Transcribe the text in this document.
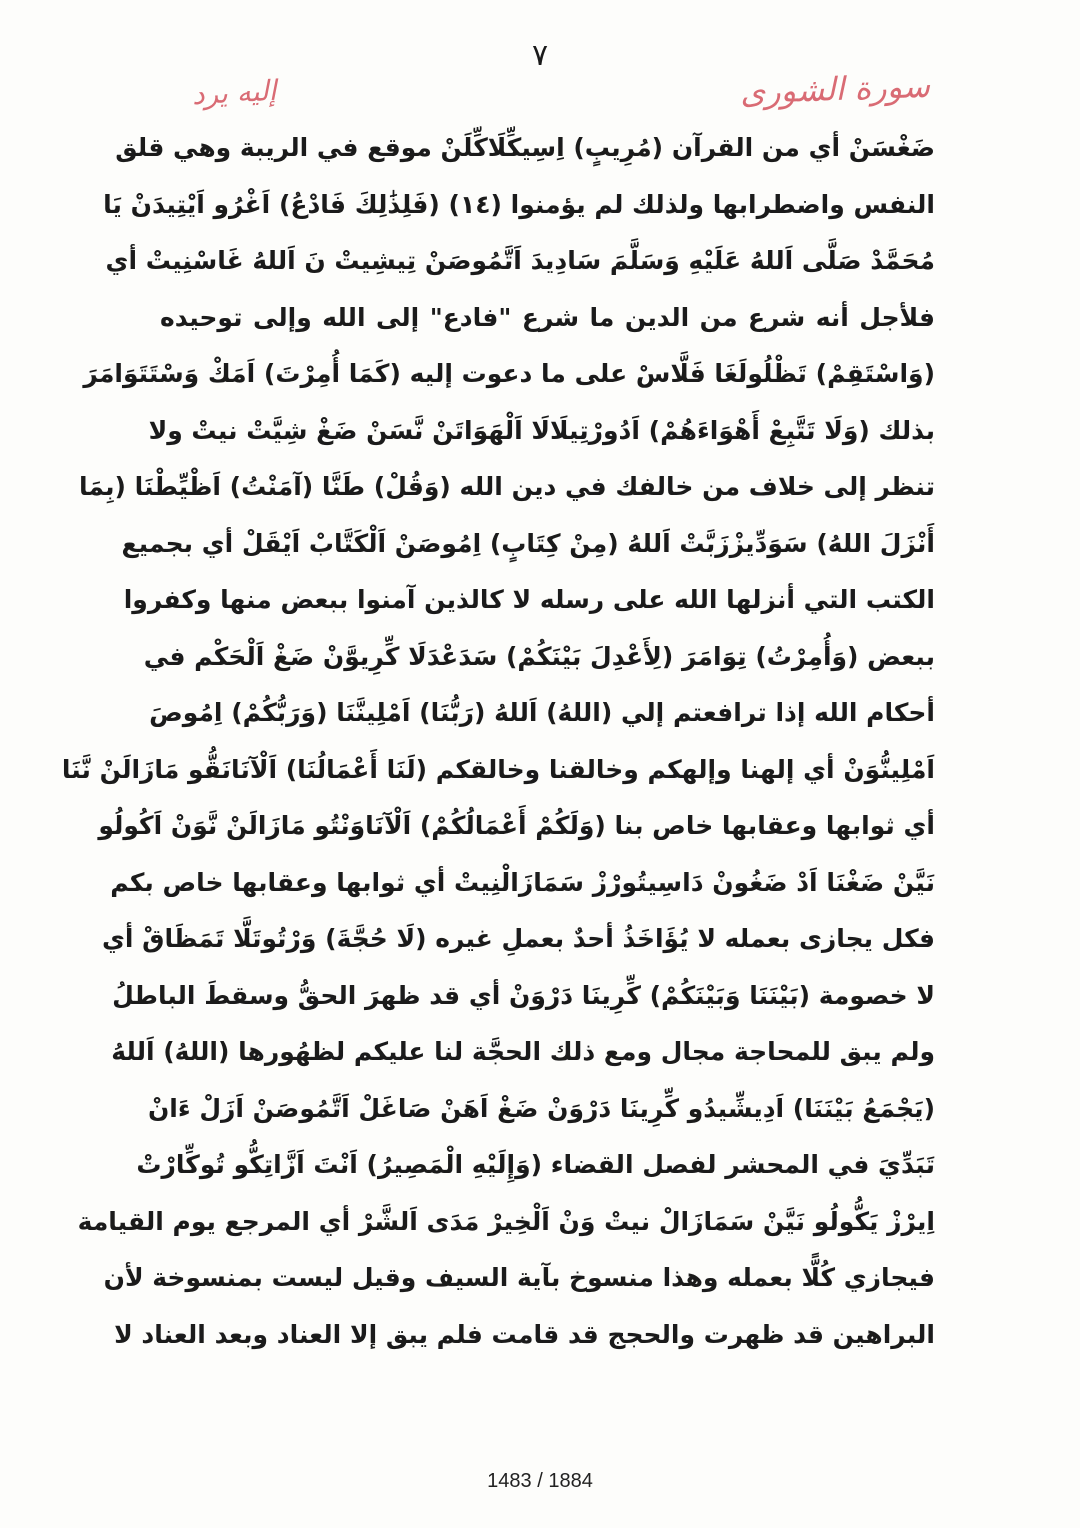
٧
سورة الشورى
إليه يرد
ضَغْسَنْ أي من القرآن (مُرِيبٍ) اِسِيكِّلَاكِّلَنْ موقع في الريبة وهي قلق
النفس واضطرابها ولذلك لم يؤمنوا (١٤) (فَلِذَٰلِكَ فَادْعُ) اَغْرُو اَيْتِيدَنْ يَا
مُحَمَّدْ صَلَّى اَللهُ عَلَيْهِ وَسَلَّمَ سَادِيدَ اَتَّمُوصَنْ تِيشِيتْ نَ اَللهُ غَاسْنِيتْ أي
فلأجل أنه شرع من الدين ما شرع "فادع" إلى الله وإلى توحيده
(وَاسْتَقِمْ) تَظْلُولَغَا فَلَّاسْ على ما دعوت إليه (كَمَا أُمِرْتَ) اَمَكْ وَسْتَتَوَامَرَ
بذلك (وَلَا تَتَّبِعْ أَهْوَاءَهُمْ) اَدُورْتِيلَالَا اَلْهَوَاتَنْ نَّسَنْ ضَغْ شِيَّتْ نيتْ ولا
تنظر إلى خلاف من خالفك في دين الله (وَقُلْ) طَنَّا (آمَنْتُ) اَظْيِّطْنَا (بِمَا
أَنْزَلَ اللهُ) سَوَدِّيزْزَبَّتْ اَللهُ (مِنْ كِتَابٍ) اِمُوصَنْ اَلْكَتَّابْ اَيْقَلْ أي بجميع
الكتب التي أنزلها الله على رسله لا كالذين آمنوا ببعض منها وكفروا
ببعض (وَأُمِرْتُ) تِوَامَرَ (لِأَعْدِلَ بَيْنَكُمْ) سَدَعْدَلَا كِّرِيوَّنْ ضَغْ اَلْحَكْم في
أحكام الله إذا ترافعتم إلي (اللهُ) اَللهُ (رَبُّنَا) اَمْلِينَّنَا (وَرَبُّكُمْ) اِمُوصَ
اَمْلِينُّوَنْ أي إلهنا وإلهكم وخالقنا وخالقكم (لَنَا أَعْمَالُنَا) اَلْآنَانَقُّو مَازَالَنْ نَّنَا
أي ثوابها وعقابها خاص بنا (وَلَكُمْ أَعْمَالُكُمْ) اَلْآنَاوَنْتُو مَازَالَنْ نَّوَنْ اَكُولُو
نَيَّنْ ضَغْنَا اَدْ ضَغُونْ دَاسِيتُورْزْ سَمَازَالْنِيتْ أي ثوابها وعقابها خاص بكم
فكل يجازى بعمله لا يُؤَاخَذُ أحدٌ بعملِ غيره (لَا حُجَّةَ) وَرْتُوتَلَّا تَمَظَاقْ أي
لا خصومة (بَيْنَنَا وَبَيْنَكُمْ) كِّرِينَا دَرْوَنْ أي قد ظهرَ الحقُّ وسقطَ الباطلُ
ولم يبق للمحاجة مجال ومع ذلك الحجَّة لنا عليكم لظهُورها (اللهُ) اَللهُ
(يَجْمَعُ بَيْنَنَا) اَدِيشِّيدُو كِّرِينَا دَرْوَنْ ضَغْ اَهَنْ صَاغَلْ اَتَّمُوصَنْ اَزَلْ ءَانْ
تَبَدِّيَ في المحشر لفصل القضاء (وَإِلَيْهِ الْمَصِيرُ) اَنْتَ اَزَّاتِكُّو تُوكِّارْتْ
اِيرْزْ يَكُّولُو نَيَّنْ سَمَازَالْ نيتْ وَنْ اَلْخِيرْ مَدَى اَلشَّرْ أي المرجع يوم القيامة
فيجازي كُلًّا بعمله وهذا منسوخ بآية السيف وقيل ليست بمنسوخة لأن
البراهين قد ظهرت والحجج قد قامت فلم يبق إلا العناد وبعد العناد لا
1483 / 1884
